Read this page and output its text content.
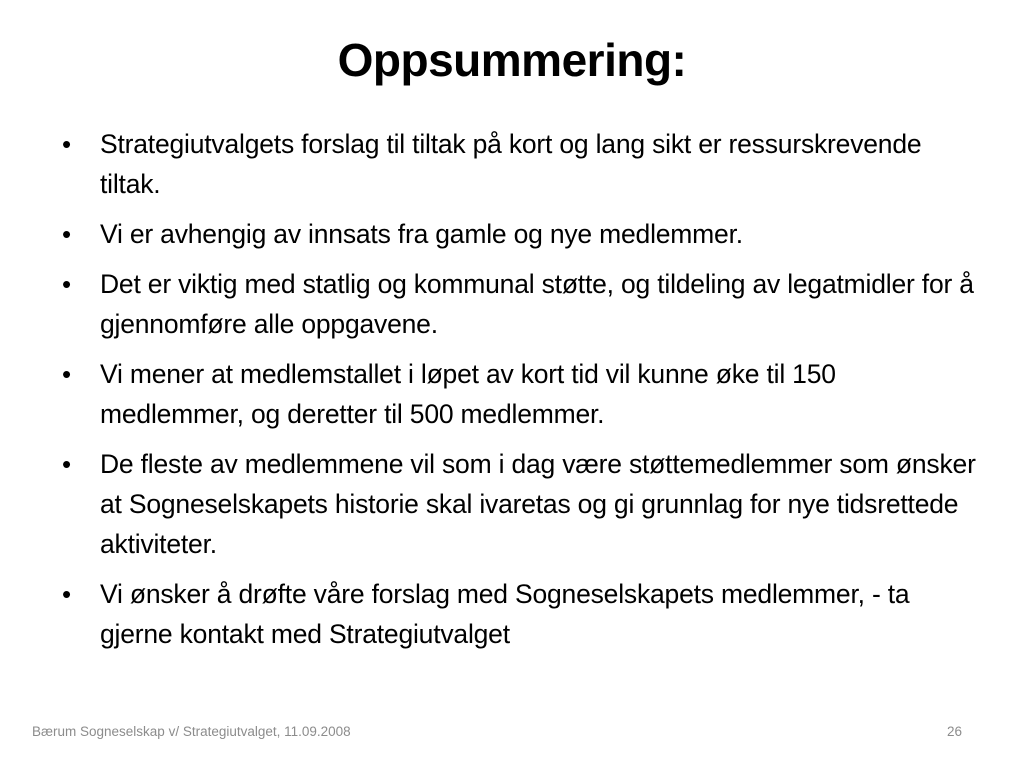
Oppsummering:
•	Strategiutvalgets forslag til tiltak på kort og lang sikt er ressurskrevende tiltak.
•	Vi er avhengig av innsats fra gamle og nye medlemmer.
•	Det er viktig med statlig og kommunal støtte, og tildeling av legatmidler for å gjennomføre alle oppgavene.
•	Vi mener at medlemstallet i løpet av kort tid vil kunne øke til 150 medlemmer, og deretter til 500 medlemmer.
•	De fleste av medlemmene vil som i dag være støttemedlemmer som ønsker at Sogneselskapets historie skal ivaretas og gi grunnlag for nye tidsrettede aktiviteter.
•	Vi ønsker å drøfte våre forslag med Sogneselskapets medlemmer, - ta gjerne kontakt med Strategiutvalget
Bærum Sogneselskap v/ Strategiutvalget, 11.09.2008	26
